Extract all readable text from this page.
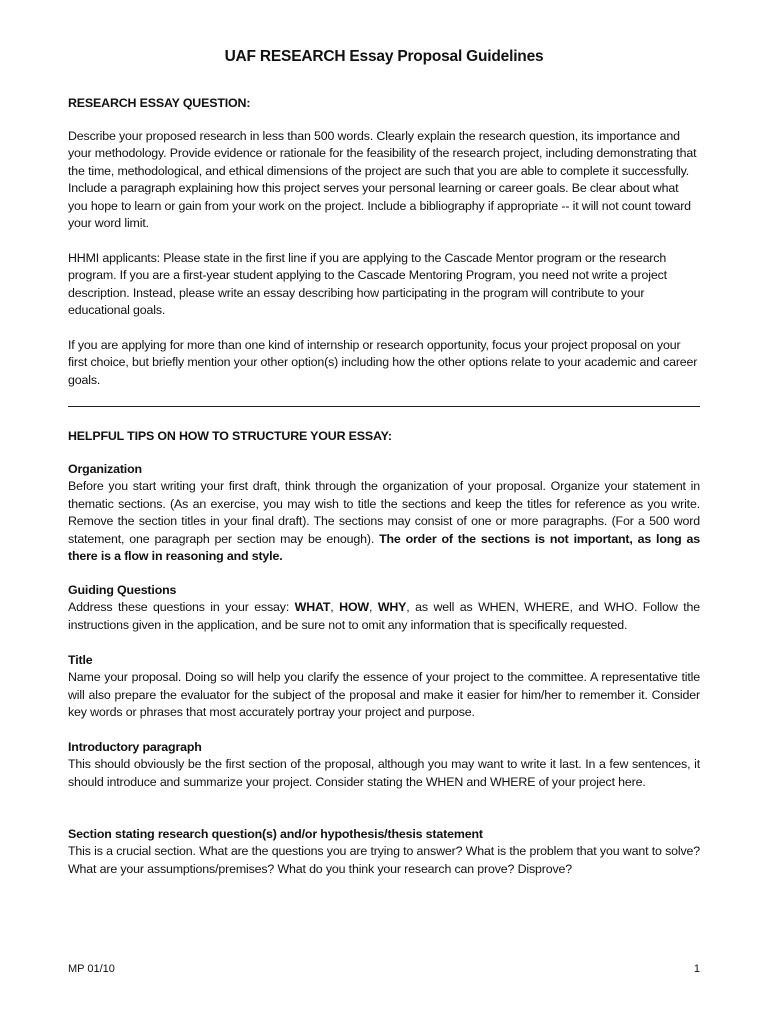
UAF RESEARCH Essay Proposal Guidelines

RESEARCH ESSAY QUESTION:

Describe your proposed research in less than 500 words. Clearly explain the research question, its importance and your methodology. Provide evidence or rationale for the feasibility of the research project, including demonstrating that the time, methodological, and ethical dimensions of the project are such that you are able to complete it successfully. Include a paragraph explaining how this project serves your personal learning or career goals. Be clear about what you hope to learn or gain from your work on the project. Include a bibliography if appropriate -- it will not count toward your word limit.

HHMI applicants: Please state in the first line if you are applying to the Cascade Mentor program or the research program. If you are a first-year student applying to the Cascade Mentoring Program, you need not write a project description. Instead, please write an essay describing how participating in the program will contribute to your educational goals.

If you are applying for more than one kind of internship or research opportunity, focus your project proposal on your first choice, but briefly mention your other option(s) including how the other options relate to your academic and career goals.

HELPFUL TIPS ON HOW TO STRUCTURE YOUR ESSAY:

Organization

Before you start writing your first draft, think through the organization of your proposal. Organize your statement in thematic sections. (As an exercise, you may wish to title the sections and keep the titles for reference as you write. Remove the section titles in your final draft). The sections may consist of one or more paragraphs. (For a 500 word statement, one paragraph per section may be enough). The order of the sections is not important, as long as there is a flow in reasoning and style.

Guiding Questions

Address these questions in your essay: WHAT, HOW, WHY, as well as WHEN, WHERE, and WHO. Follow the instructions given in the application, and be sure not to omit any information that is specifically requested.

Title

Name your proposal. Doing so will help you clarify the essence of your project to the committee. A representative title will also prepare the evaluator for the subject of the proposal and make it easier for him/her to remember it. Consider key words or phrases that most accurately portray your project and purpose.

Introductory paragraph

This should obviously be the first section of the proposal, although you may want to write it last. In a few sentences, it should introduce and summarize your project. Consider stating the WHEN and WHERE of your project here.

Section stating research question(s) and/or hypothesis/thesis statement

This is a crucial section. What are the questions you are trying to answer? What is the problem that you want to solve? What are your assumptions/premises? What do you think your research can prove? Disprove?

MP 01/10	1
